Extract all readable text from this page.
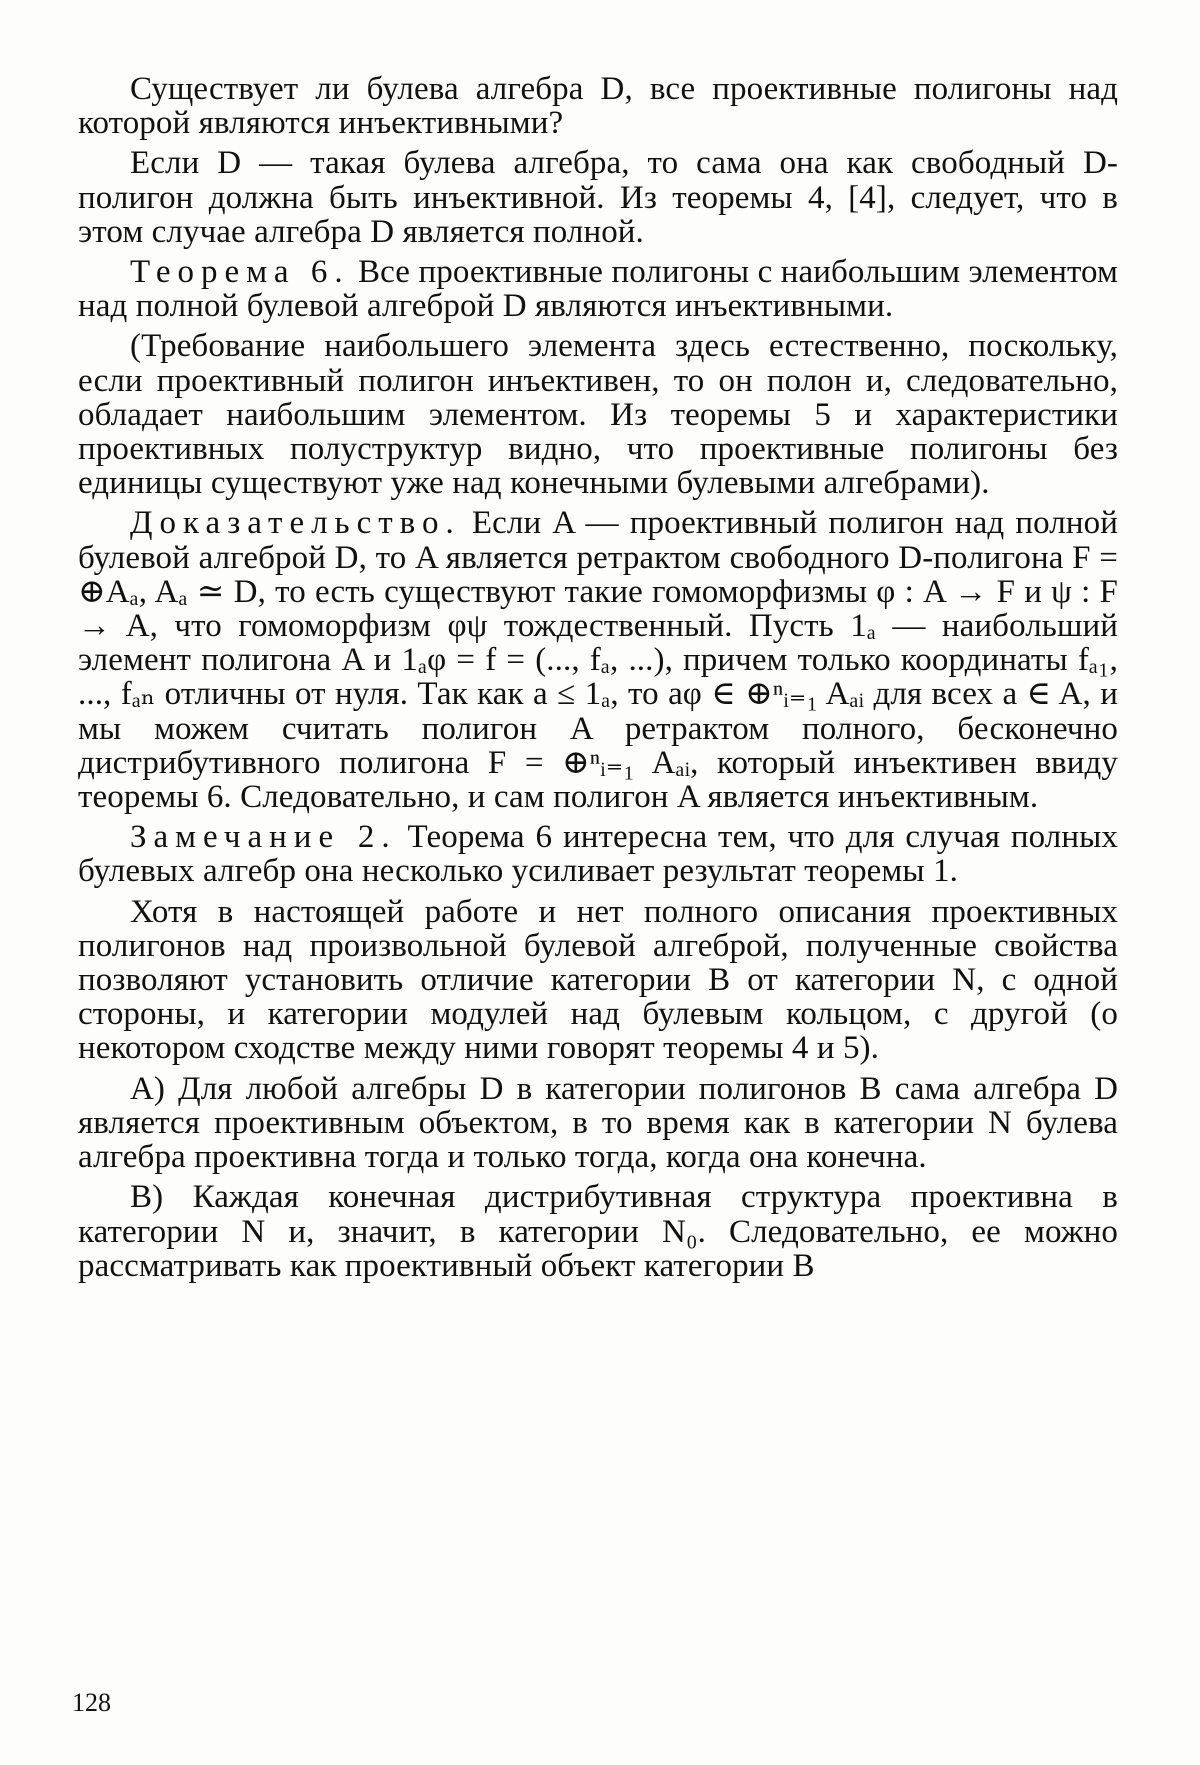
Существует ли булева алгебра D, все проективные полигоны над которой являются инъективными?

Если D — такая булева алгебра, то сама она как свободный D-полигон должна быть инъективной. Из теоремы 4, [4], следует, что в этом случае алгебра D является полной.

Теорема 6. Все проективные полигоны с наибольшим элементом над полной булевой алгеброй D являются инъективными.

(Требование наибольшего элемента здесь естественно, поскольку, если проективный полигон инъективен, то он полон и, следовательно, обладает наибольшим элементом. Из теоремы 5 и характеристики проективных полуструктур видно, что проективные полигоны без единицы существуют уже над конечными булевыми алгебрами).

Доказательство. Если A — проективный полигон над полной булевой алгеброй D, то A является ретрактом свободного D-полигона F = ⊕Aₐ, Aₐ ≃ D, то есть существуют такие гомоморфизмы φ : A → F и ψ : F → A, что гомоморфизм φψ тождественный. Пусть 1ₐ — наибольший элемент полигона A и 1ₐφ = f = (..., fₐ, ...), причем только координаты fₐ₁, ..., fₐₙ отличны от нуля. Так как a ≤ 1ₐ, то aφ ∈ ⊕ⁿᵢ₌₁ Aₐᵢ для всех a ∈ A, и мы можем считать полигон A ретрактом полного, бесконечно дистрибутивного полигона F = ⊕ⁿᵢ₌₁ Aₐᵢ, который инъективен ввиду теоремы 6. Следовательно, и сам полигон A является инъективным.

Замечание 2. Теорема 6 интересна тем, что для случая полных булевых алгебр она несколько усиливает результат теоремы 1.

Хотя в настоящей работе и нет полного описания проективных полигонов над произвольной булевой алгеброй, полученные свойства позволяют установить отличие категории B от категории N, с одной стороны, и категории модулей над булевым кольцом, с другой (о некотором сходстве между ними говорят теоремы 4 и 5).

А) Для любой алгебры D в категории полигонов B сама алгебра D является проективным объектом, в то время как в категории N булева алгебра проективна тогда и только тогда, когда она конечна.

В) Каждая конечная дистрибутивная структура проективна в категории N и, значит, в категории N₀. Следовательно, ее можно рассматривать как проективный объект категории B

128
